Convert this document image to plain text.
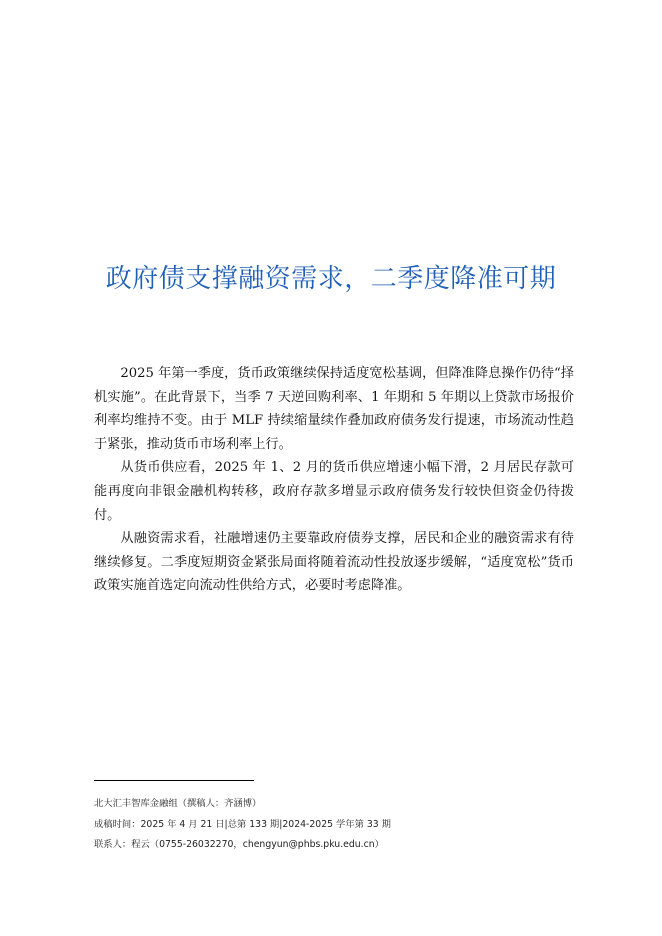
政府债支撑融资需求，二季度降准可期

2025 年第一季度，货币政策继续保持适度宽松基调，但降准降息操作仍待“择机实施”。在此背景下，当季 7 天逆回购利率、1 年期和 5 年期以上贷款市场报价利率均维持不变。由于 MLF 持续缩量续作叠加政府债务发行提速，市场流动性趋于紧张，推动货币市场利率上行。

从货币供应看，2025 年 1、2 月的货币供应增速小幅下滑，2 月居民存款可能再度向非银金融机构转移，政府存款多增显示政府债务发行较快但资金仍待拨付。

从融资需求看，社融增速仍主要靠政府债券支撑，居民和企业的融资需求有待继续修复。二季度短期资金紧张局面将随着流动性投放逐步缓解，“适度宽松”货币政策实施首选定向流动性供给方式，必要时考虑降准。

北大汇丰智库金融组（撰稿人：齐涵博）
成稿时间：2025 年 4 月 21 日|总第 133 期|2024-2025 学年第 33 期
联系人：程云（0755-26032270，chengyun@phbs.pku.edu.cn）
